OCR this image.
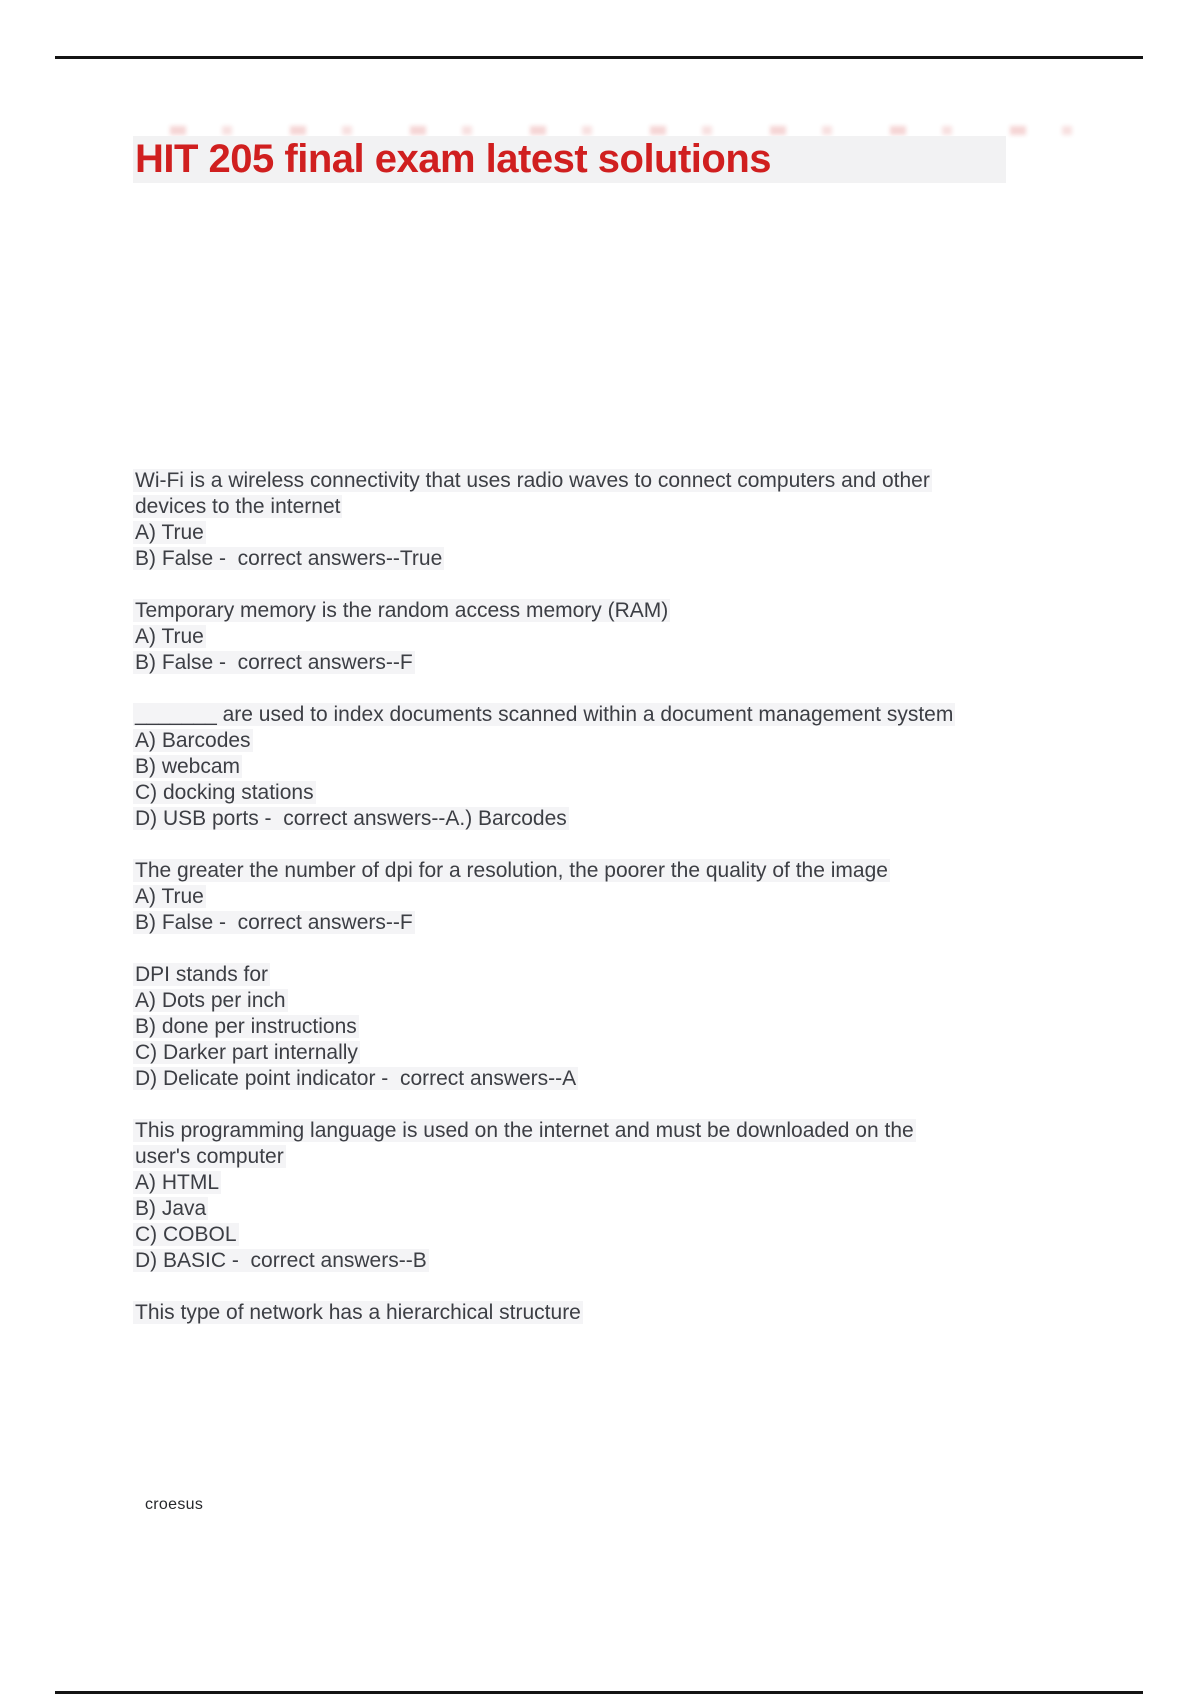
HIT 205 final exam latest solutions
Wi-Fi is a wireless connectivity that uses radio waves to connect computers and other
devices to the internet
A) True
B) False -  correct answers--True
Temporary memory is the random access memory (RAM)
A) True
B) False -  correct answers--F
_______ are used to index documents scanned within a document management system
A) Barcodes
B) webcam
C) docking stations
D) USB ports -  correct answers--A.) Barcodes
The greater the number of dpi for a resolution, the poorer the quality of the image
A) True
B) False -  correct answers--F
DPI stands for
A) Dots per inch
B) done per instructions
C) Darker part internally
D) Delicate point indicator -  correct answers--A
This programming language is used on the internet and must be downloaded on the
user's computer
A) HTML
B) Java
C) COBOL
D) BASIC -  correct answers--B
This type of network has a hierarchical structure
croesus
